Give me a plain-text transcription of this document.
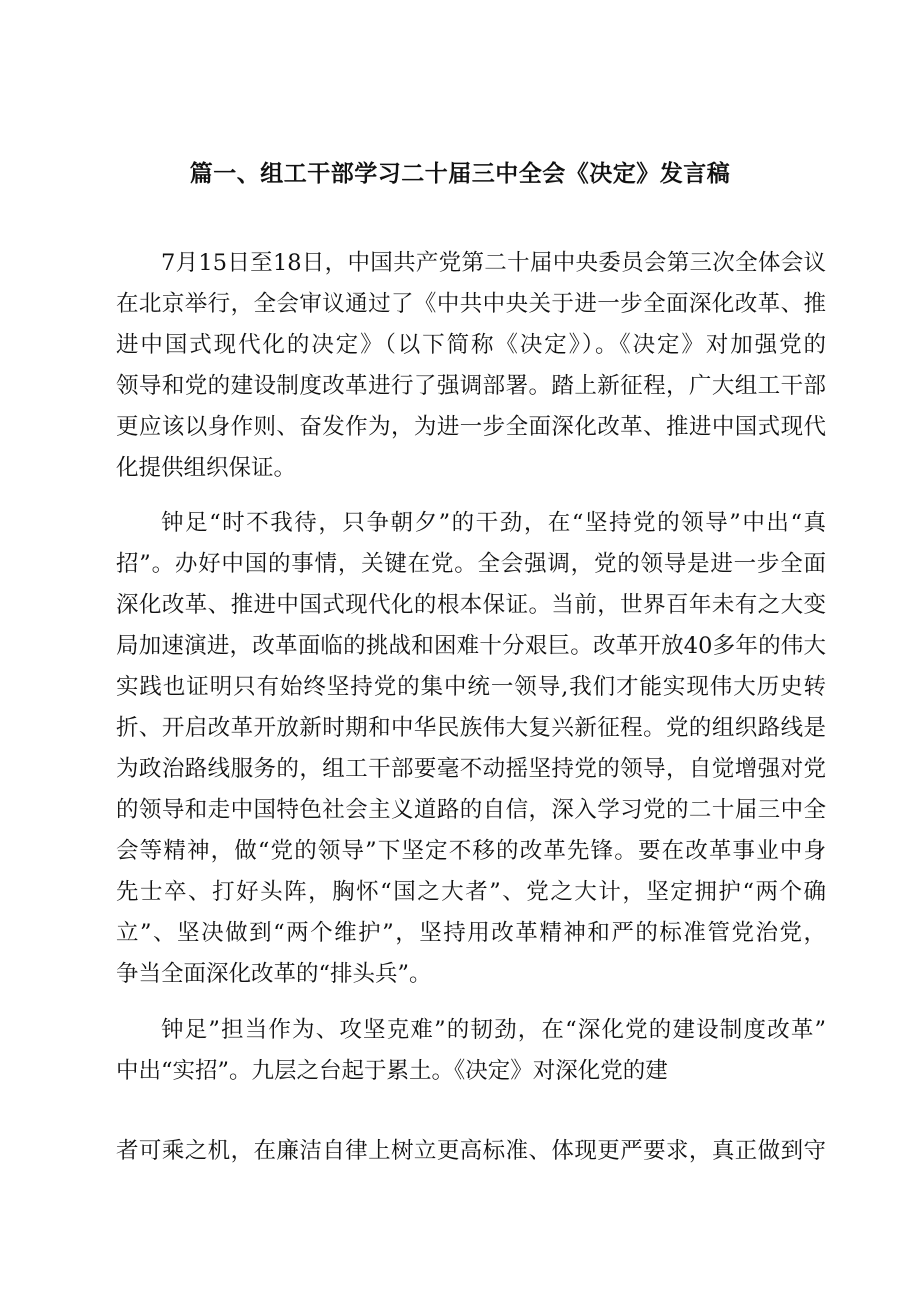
篇一、组工干部学习二十届三中全会《决定》发言稿
7月15日至18日，中国共产党第二十届中央委员会第三次全体会议
在北京举行，全会审议通过了《中共中央关于进一步全面深化改革、推
进中国式现代化的决定》（以下简称《决定》）。《决定》对加强党的
领导和党的建设制度改革进行了强调部署。踏上新征程，广大组工干部
更应该以身作则、奋发作为，为进一步全面深化改革、推进中国式现代
化提供组织保证。
钟足“时不我待，只争朝夕”的干劲，在“坚持党的领导”中出“真
招”。办好中国的事情，关键在党。全会强调，党的领导是进一步全面
深化改革、推进中国式现代化的根本保证。当前，世界百年未有之大变
局加速演进，改革面临的挑战和困难十分艰巨。改革开放40多年的伟大
实践也证明只有始终坚持党的集中统一领导,我们才能实现伟大历史转
折、开启改革开放新时期和中华民族伟大复兴新征程。党的组织路线是
为政治路线服务的，组工干部要毫不动摇坚持党的领导，自觉增强对党
的领导和走中国特色社会主义道路的自信，深入学习党的二十届三中全
会等精神，做“党的领导”下坚定不移的改革先锋。要在改革事业中身
先士卒、打好头阵，胸怀“国之大者”、党之大计，坚定拥护“两个确
立”、坚决做到“两个维护”，坚持用改革精神和严的标准管党治党，
争当全面深化改革的“排头兵”。
钟足”担当作为、攻坚克难”的韧劲，在“深化党的建设制度改革”
中出“实招”。九层之台起于累土。《决定》对深化党的建
者可乘之机，在廉洁自律上树立更高标准、体现更严要求，真正做到守
